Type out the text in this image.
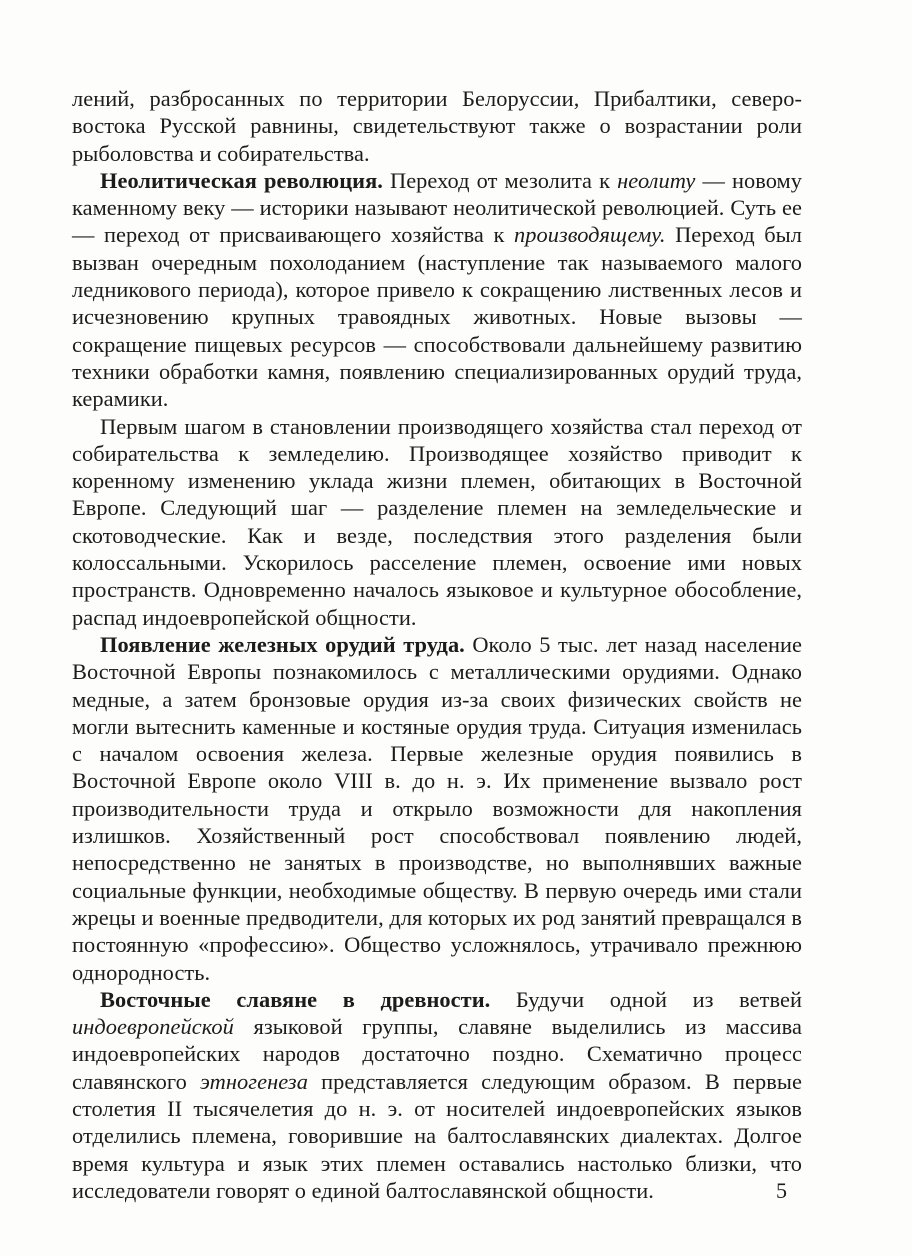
лений, разбросанных по территории Белоруссии, Прибалтики, северо-востока Русской равнины, свидетельствуют также о возрастании роли рыболовства и собирательства.

Неолитическая революция. Переход от мезолита к неолиту — новому каменному веку — историки называют неолитической революцией. Суть ее — переход от присваивающего хозяйства к производящему. Переход был вызван очередным похолоданием (наступление так называемого малого ледникового периода), которое привело к сокращению лиственных лесов и исчезновению крупных травоядных животных. Новые вызовы — сокращение пищевых ресурсов — способствовали дальнейшему развитию техники обработки камня, появлению специализированных орудий труда, керамики.

Первым шагом в становлении производящего хозяйства стал переход от собирательства к земледелию. Производящее хозяйство приводит к коренному изменению уклада жизни племен, обитающих в Восточной Европе. Следующий шаг — разделение племен на земледельческие и скотоводческие. Как и везде, последствия этого разделения были колоссальными. Ускорилось расселение племен, освоение ими новых пространств. Одновременно началось языковое и культурное обособление, распад индоевропейской общности.

Появление железных орудий труда. Около 5 тыс. лет назад население Восточной Европы познакомилось с металлическими орудиями. Однако медные, а затем бронзовые орудия из-за своих физических свойств не могли вытеснить каменные и костяные орудия труда. Ситуация изменилась с началом освоения железа. Первые железные орудия появились в Восточной Европе около VIII в. до н. э. Их применение вызвало рост производительности труда и открыло возможности для накопления излишков. Хозяйственный рост способствовал появлению людей, непосредственно не занятых в производстве, но выполнявших важные социальные функции, необходимые обществу. В первую очередь ими стали жрецы и военные предводители, для которых их род занятий превращался в постоянную «профессию». Общество усложнялось, утрачивало прежнюю однородность.

Восточные славяне в древности. Будучи одной из ветвей индоевропейской языковой группы, славяне выделились из массива индоевропейских народов достаточно поздно. Схематично процесс славянского этногенеза представляется следующим образом. В первые столетия II тысячелетия до н. э. от носителей индоевропейских языков отделились племена, говорившие на балтославянских диалектах. Долгое время культура и язык этих племен оставались настолько близки, что исследователи говорят о единой балтославянской общности.	5
